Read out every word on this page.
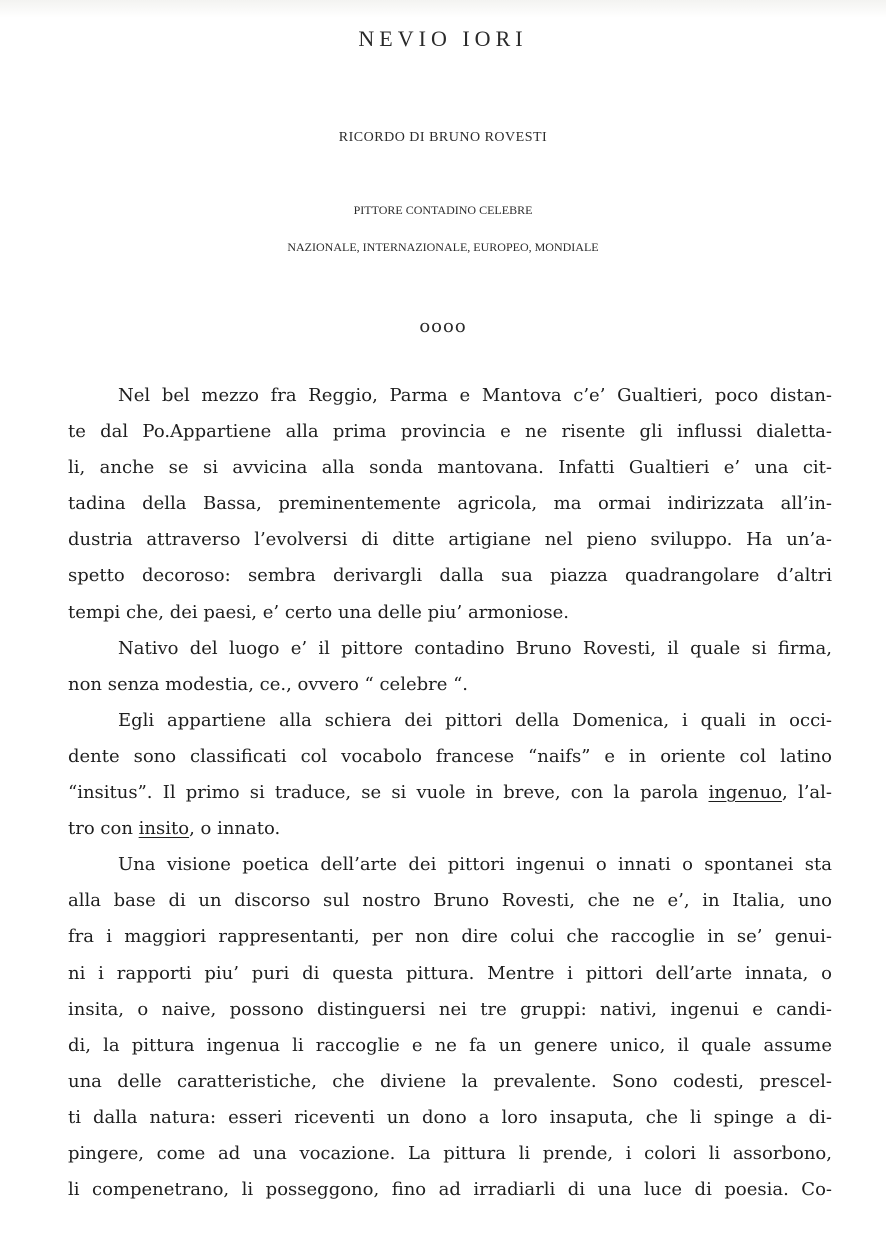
NEVIO IORI
RICORDO DI BRUNO ROVESTI
PITTORE CONTADINO CELEBRE
NAZIONALE, INTERNAZIONALE, EUROPEO, MONDIALE
oooo
Nel bel mezzo fra Reggio, Parma e Mantova c’e’ Gualtieri, poco distan-
te dal Po.Appartiene alla prima provincia e ne risente gli influssi dialetta-
li, anche se si avvicina alla sonda mantovana. Infatti Gualtieri e’ una cit-
tadina della Bassa, preminentemente agricola, ma ormai indirizzata all’in-
dustria attraverso l’evolversi di ditte artigiane nel pieno sviluppo. Ha un’a-
spetto decoroso: sembra derivargli dalla sua piazza quadrangolare d’altri
tempi che, dei paesi, e’ certo una delle piu’ armoniose.
Nativo del luogo e’ il pittore contadino Bruno Rovesti, il quale si firma,
non senza modestia, ce., ovvero “ celebre “.
Egli appartiene alla schiera dei pittori della Domenica, i quali in occi-
dente sono classificati col vocabolo francese “naifs” e in oriente col latino
“insitus”. Il primo si traduce, se si vuole in breve, con la parola ingenuo, l’al-
tro con insito, o innato.
Una visione poetica dell’arte dei pittori ingenui o innati o spontanei sta
alla base di un discorso sul nostro Bruno Rovesti, che ne e’, in Italia, uno
fra i maggiori rappresentanti, per non dire colui che raccoglie in se’ genui-
ni i rapporti piu’ puri di questa pittura. Mentre i pittori dell’arte innata, o
insita, o naive, possono distinguersi nei tre gruppi: nativi, ingenui e candi-
di, la pittura ingenua li raccoglie e ne fa un genere unico, il quale assume
una delle caratteristiche, che diviene la prevalente. Sono codesti, prescel-
ti dalla natura: esseri riceventi un dono a loro insaputa, che li spinge a di-
pingere, come ad una vocazione. La pittura li prende, i colori li assorbono,
li compenetrano, li posseggono, fino ad irradiarli di una luce di poesia. Co-
